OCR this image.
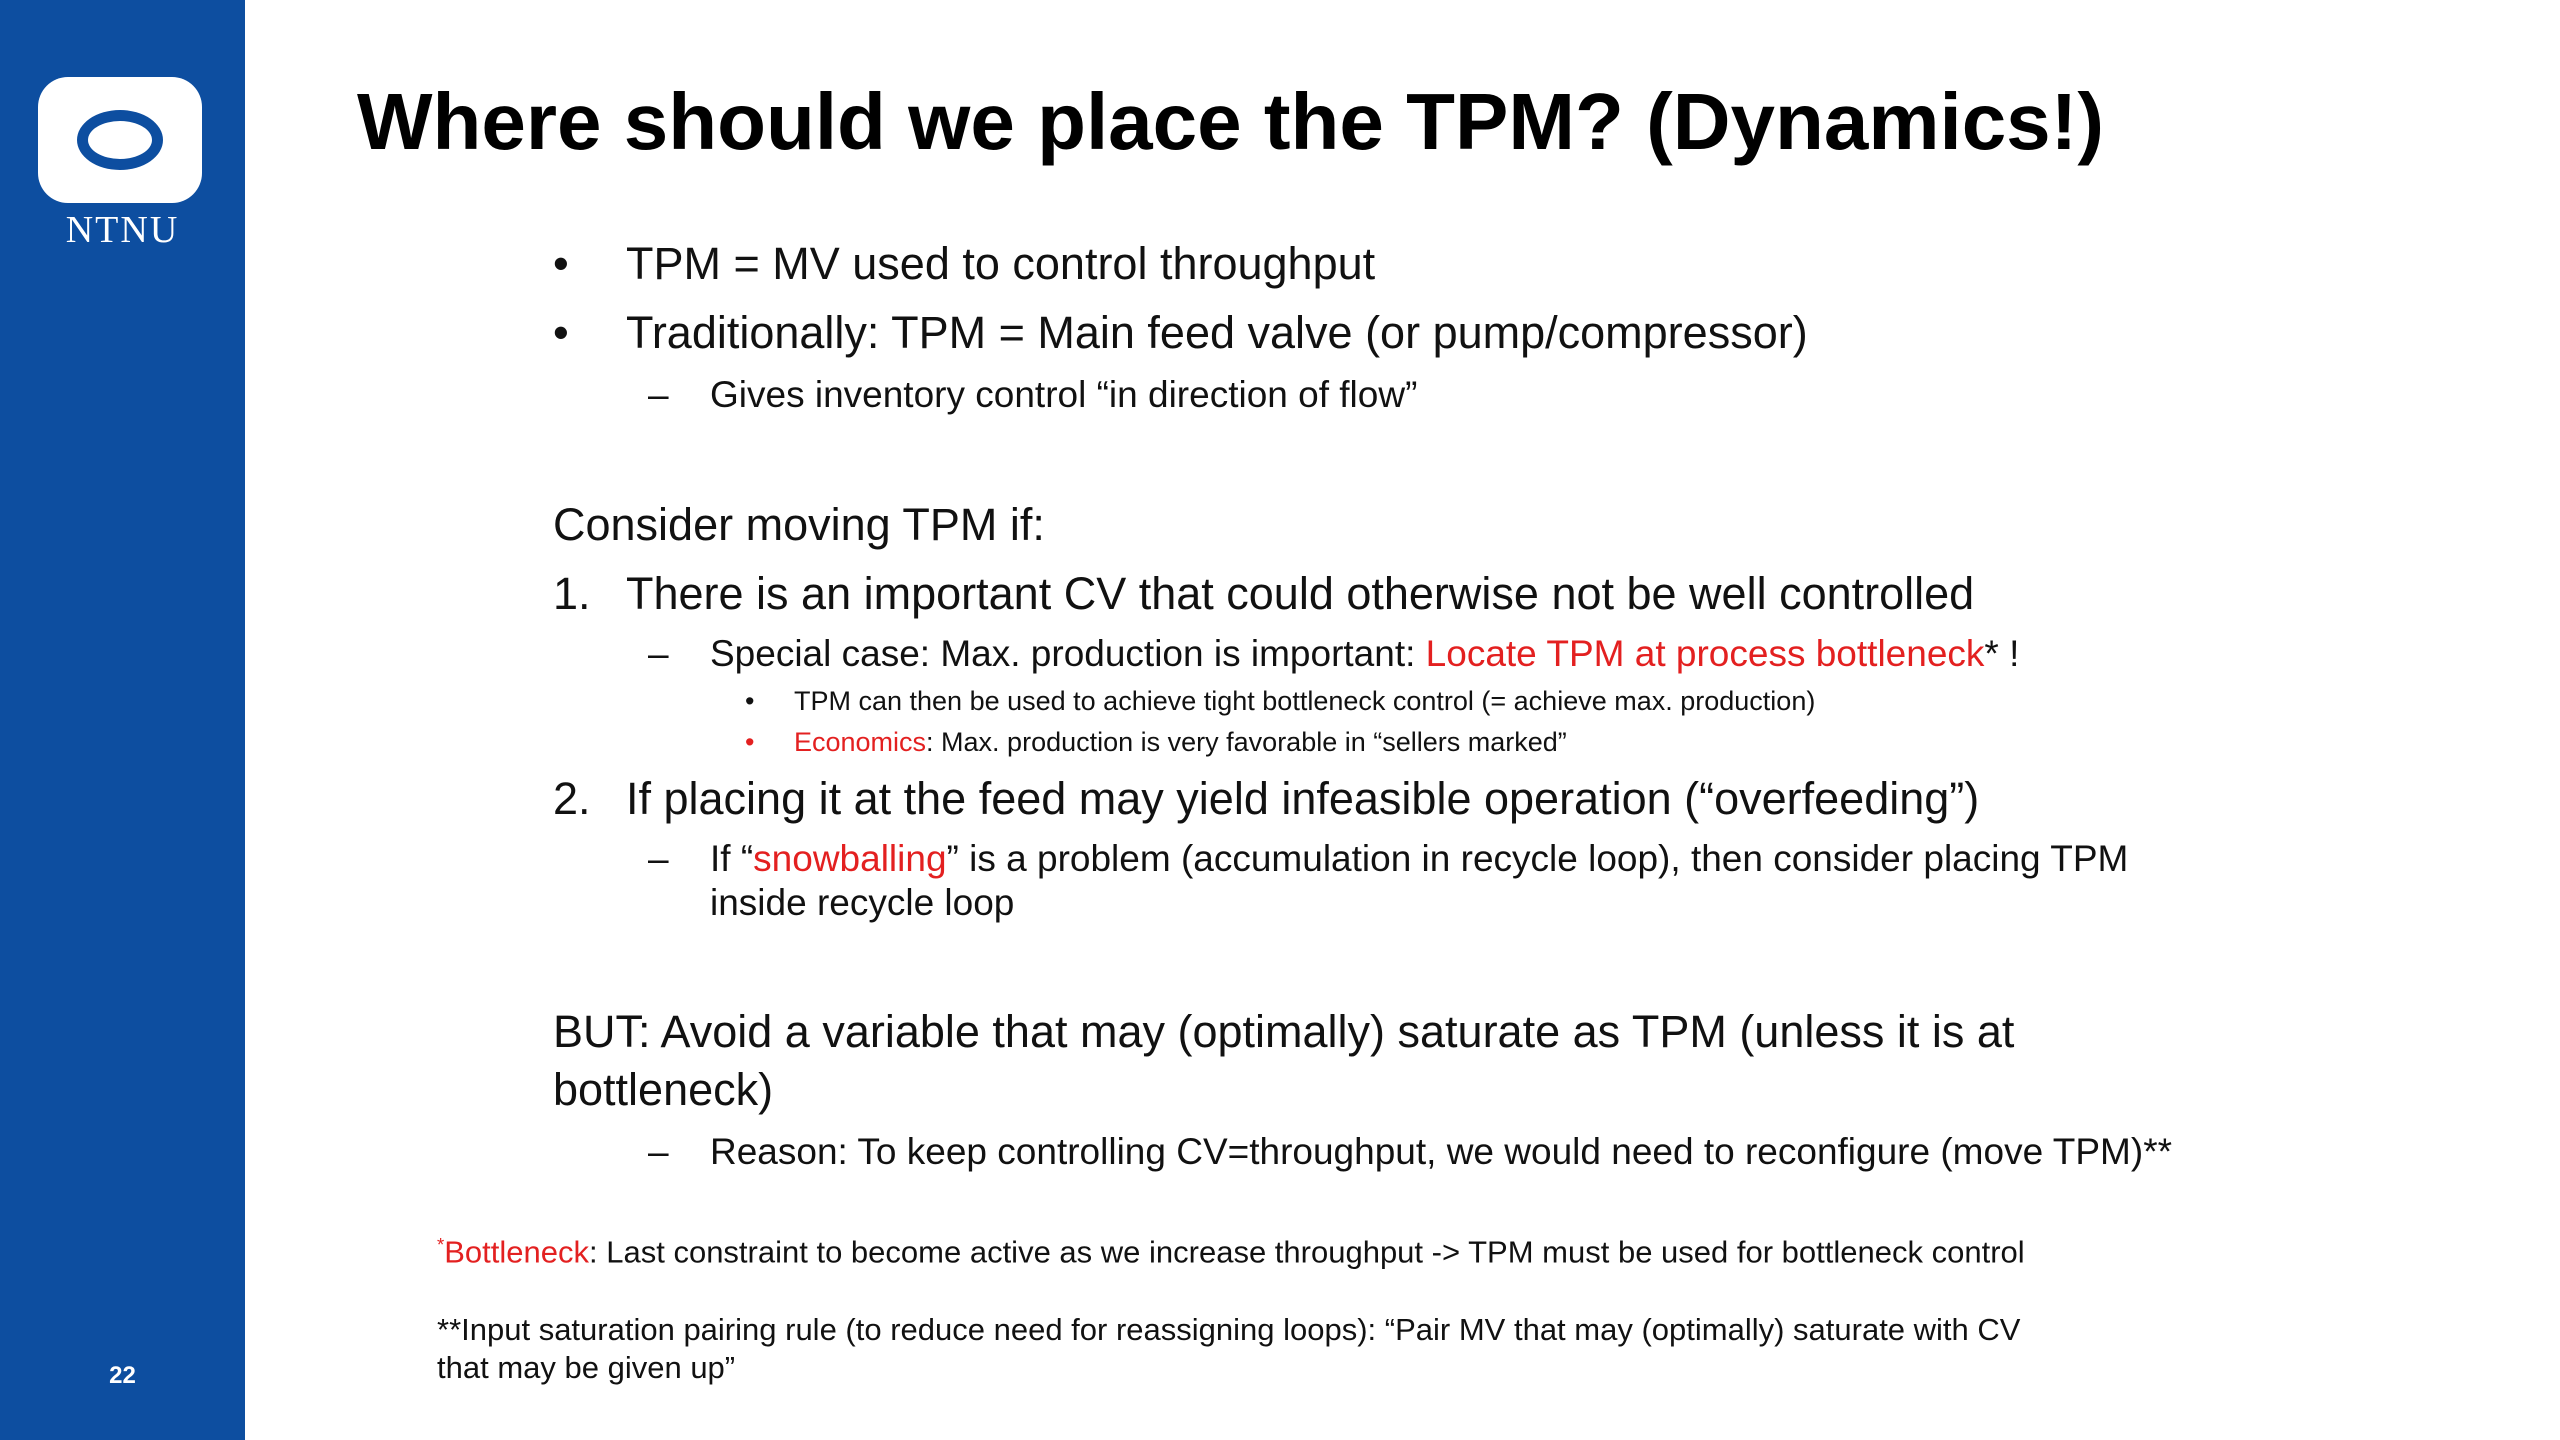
NTNU
22
Where should we place the TPM? (Dynamics!)
• TPM = MV used to control throughput
• Traditionally: TPM = Main feed valve (or pump/compressor)
– Gives inventory control “in direction of flow”
Consider moving TPM if:
1. There is an important CV that could otherwise not be well controlled
– Special case: Max. production is important: Locate TPM at process bottleneck* !
• TPM can then be used to achieve tight bottleneck control (= achieve max. production)
• Economics: Max. production is very favorable in “sellers marked”
2. If placing it at the feed may yield infeasible operation (“overfeeding”)
– If “snowballing” is a problem (accumulation in recycle loop), then consider placing TPM
inside recycle loop
BUT: Avoid a variable that may (optimally) saturate as TPM (unless it is at
bottleneck)
– Reason: To keep controlling CV=throughput, we would need to reconfigure (move TPM)**
*Bottleneck: Last constraint to become active as we increase throughput -> TPM must be used for bottleneck control
**Input saturation pairing rule (to reduce need for reassigning loops): “Pair MV that may (optimally) saturate with CV
that may be given up”
